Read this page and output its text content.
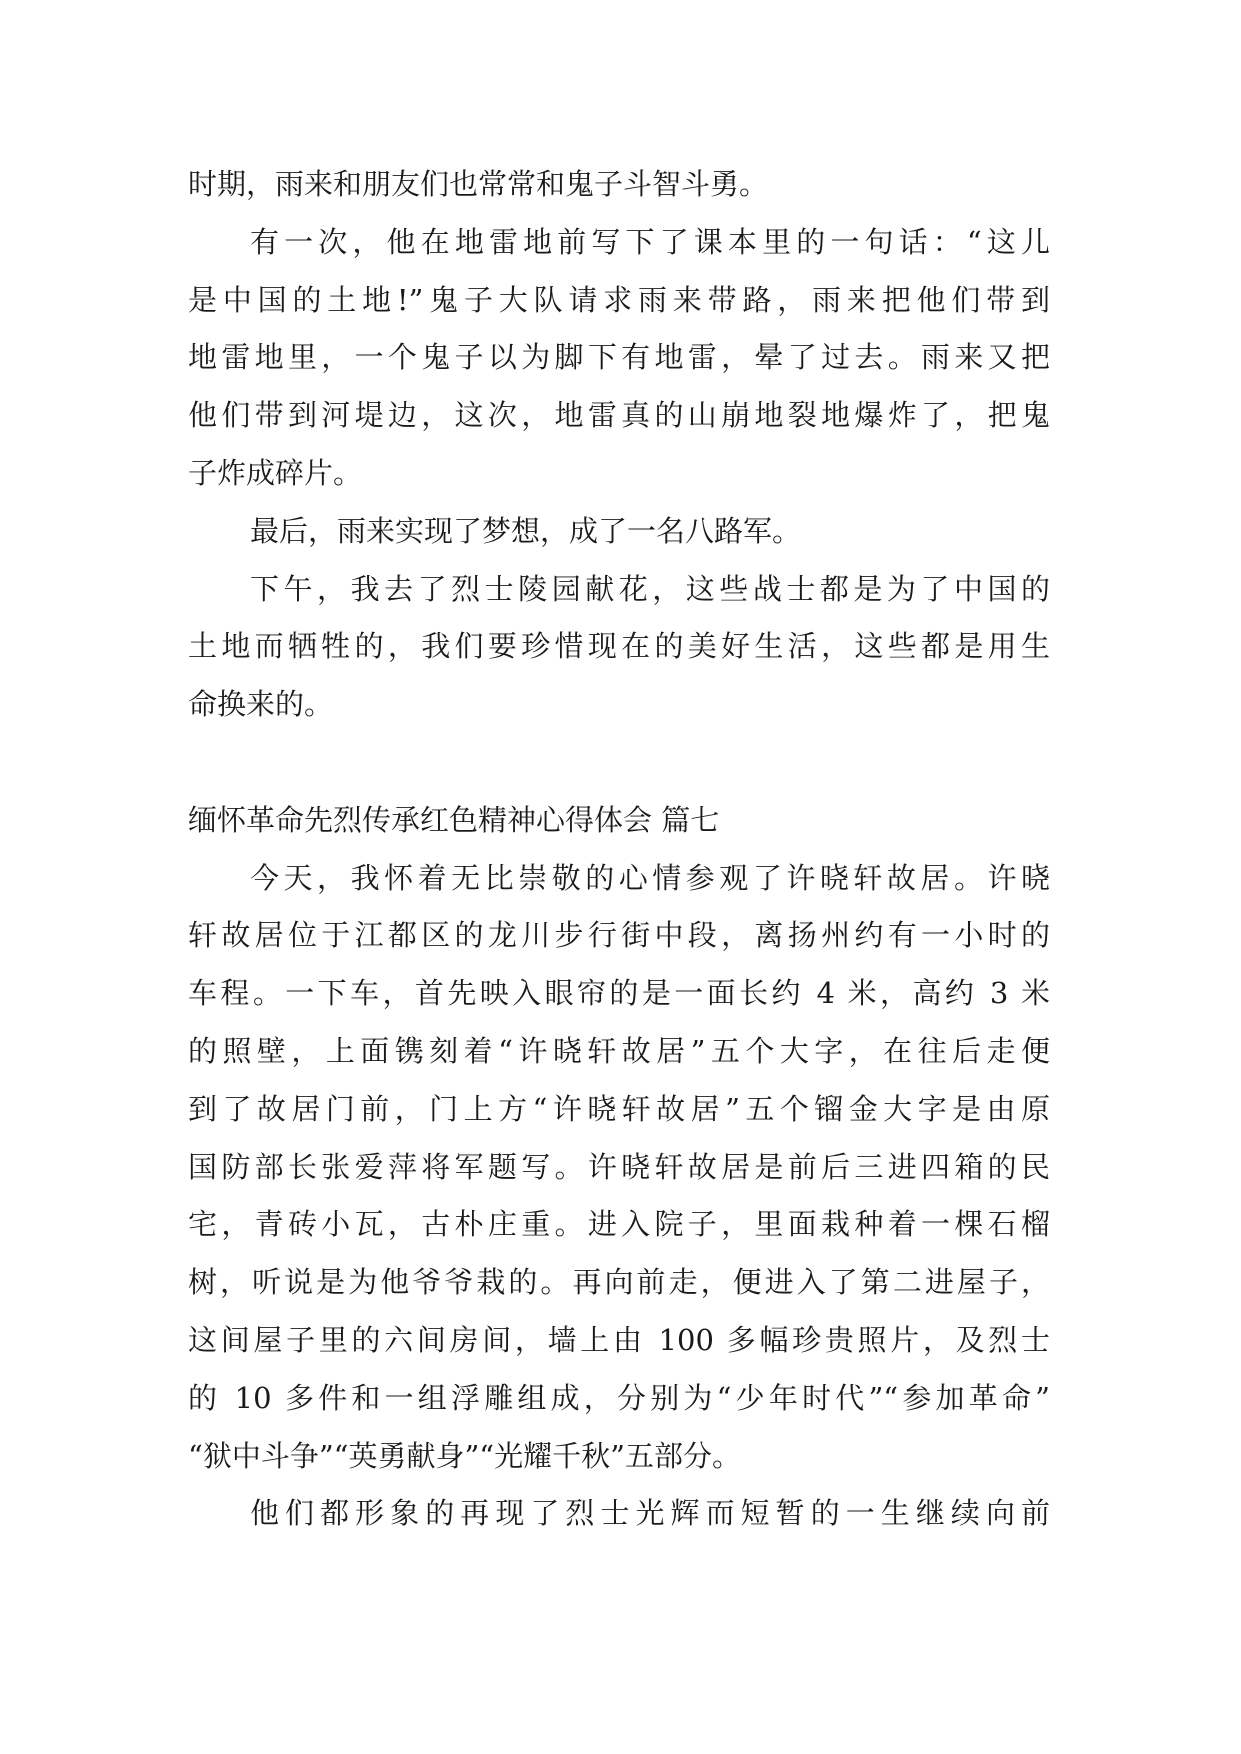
时期，雨来和朋友们也常常和鬼子斗智斗勇。
有一次，他在地雷地前写下了课本里的一句话：“这儿
是中国的土地!”鬼子大队请求雨来带路，雨来把他们带到
地雷地里，一个鬼子以为脚下有地雷，晕了过去。雨来又把
他们带到河堤边，这次，地雷真的山崩地裂地爆炸了，把鬼
子炸成碎片。
最后，雨来实现了梦想，成了一名八路军。
下午，我去了烈士陵园献花，这些战士都是为了中国的
土地而牺牲的，我们要珍惜现在的美好生活，这些都是用生
命换来的。
缅怀革命先烈传承红色精神心得体会 篇七
今天，我怀着无比崇敬的心情参观了许晓轩故居。许晓
轩故居位于江都区的龙川步行街中段，离扬州约有一小时的
车程。一下车，首先映入眼帘的是一面长约 4 米，高约 3 米
的照壁，上面镌刻着“许晓轩故居”五个大字，在往后走便
到了故居门前，门上方“许晓轩故居”五个镏金大字是由原
国防部长张爱萍将军题写。许晓轩故居是前后三进四箱的民
宅，青砖小瓦，古朴庄重。进入院子，里面栽种着一棵石榴
树，听说是为他爷爷栽的。再向前走，便进入了第二进屋子，
这间屋子里的六间房间，墙上由 100 多幅珍贵照片，及烈士
的 10 多件和一组浮雕组成，分别为“少年时代”“参加革命”
“狱中斗争”“英勇献身”“光耀千秋”五部分。
他们都形象的再现了烈士光辉而短暂的一生继续向前
